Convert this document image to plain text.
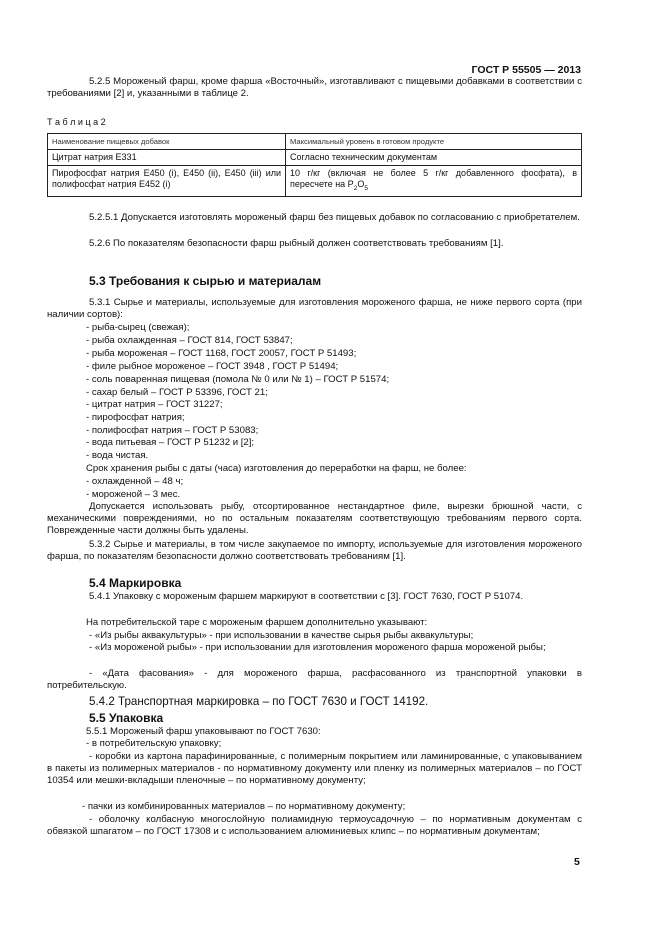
ГОСТ Р 55505 — 2013

5.2.5 Мороженый фарш, кроме фарша «Восточный», изготавливают с пищевыми добавками в соответствии с требованиями [2] и, указанными в таблице 2.

Т а б л и ц а 2
Наименование пищевых добавок	Максимальный уровень в готовом продукте
Цитрат натрия Е331	Согласно техническим документам
Пирофосфат натрия Е450 (i), Е450 (ii), Е450 (iii) или полифосфат натрия Е452 (i)	10 г/кг (включая не более 5 г/кг добавленного фосфата), в пересчете на $Р_2О_5$

5.2.5.1 Допускается изготовлять мороженый фарш без пищевых добавок по согласованию с приобретателем.

5.2.6 По показателям безопасности фарш рыбный должен соответствовать требованиям [1].

5.3 Требования к сырью и материалам

5.3.1 Сырье и материалы, используемые для изготовления мороженого фарша, не ниже первого сорта (при наличии сортов):

- рыба-сырец (свежая);
- рыба охлажденная – ГОСТ 814, ГОСТ 53847;
- рыба мороженая – ГОСТ 1168, ГОСТ 20057, ГОСТ Р 51493;
- филе рыбное мороженое – ГОСТ 3948 , ГОСТ Р 51494;
- соль поваренная пищевая (помола № 0 или № 1) – ГОСТ Р 51574;
- сахар белый – ГОСТ Р 53396, ГОСТ 21;
- цитрат натрия – ГОСТ 31227;
- пирофосфат натрия;
- полифосфат натрия – ГОСТ Р 53083;
- вода питьевая – ГОСТ Р 51232 и [2];
- вода чистая.
Срок хранения рыбы с даты (часа) изготовления до переработки на фарш, не более:
- охлажденной – 48 ч;
- мороженой – 3 мес.

Допускается использовать рыбу, отсортированное нестандартное филе, вырезки брюшной части, с механическими повреждениями, но по остальным показателям соответствующую требованиям первого сорта. Поврежденные части должны быть удалены.

5.3.2 Сырье и материалы, в том числе закупаемое по импорту, используемые для изготовления мороженого фарша, по показателям безопасности должно соответствовать требованиям [1].

5.4 Маркировка

5.4.1 Упаковку с мороженым фаршем маркируют в соответствии с [3]. ГОСТ 7630, ГОСТ Р 51074.

На потребительской таре с мороженым фаршем дополнительно указывают:

- «Из рыбы аквакультуры» - при использовании в качестве сырья рыбы аквакультуры;

- «Из мороженой рыбы» - при использовании для изготовления мороженого фарша мороженой рыбы;

- «Дата фасования» - для мороженого фарша, расфасованного из транспортной упаковки в потребительскую.

5.4.2 Транспортная маркировка – по ГОСТ 7630 и ГОСТ 14192.
5.5 Упаковка
5.5.1 Мороженый фарш упаковывают по ГОСТ 7630:
- в потребительскую упаковку;

- коробки из картона парафинированные, с полимерным покрытием или ламинированные, с упаковыванием в пакеты из полимерных материалов - по нормативному документу или пленку из полимерных материалов – по ГОСТ 10354 или мешки-вкладыши пленочные – по нормативному документу;

- пачки из комбинированных материалов – по нормативному документу;

- оболочку колбасную многослойную полиамидную термоусадочную – по нормативным документам с обвязкой шпагатом – по ГОСТ 17308 и с использованием алюминиевых клипс – по нормативным документам;

5
